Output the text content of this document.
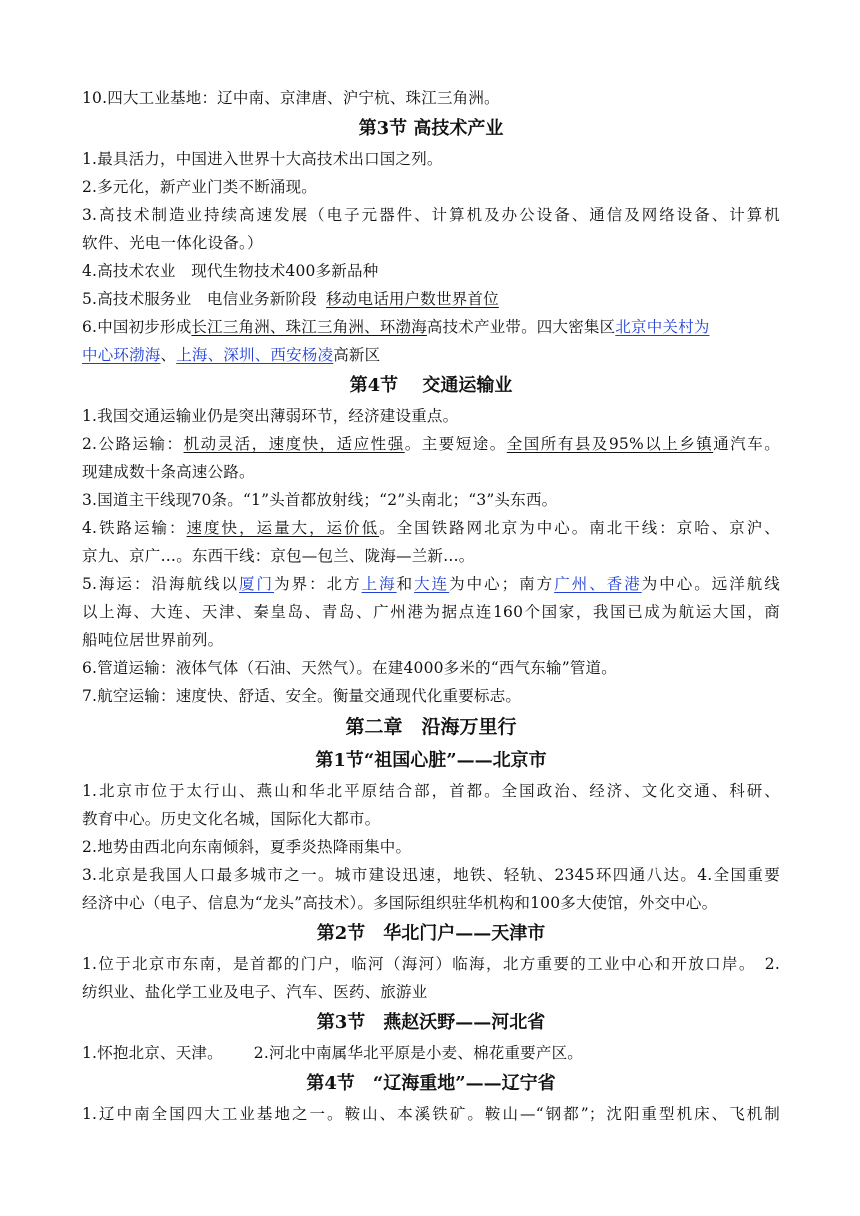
10.四大工业基地：辽中南、京津唐、沪宁杭、珠江三角洲。

第3节 高技术产业

1.最具活力，中国进入世界十大高技术出口国之列。

2.多元化，新产业门类不断涌现。

3.高技术制造业持续高速发展（电子元器件、计算机及办公设备、通信及网络设备、计算机

软件、光电一体化设备。）

4.高技术农业 现代生物技术400多新品种

5.高技术服务业 电信业务新阶段 移动电话用户数世界首位

6.中国初步形成长江三角洲、珠江三角洲、环渤海高技术产业带。四大密集区北京中关村为
中心环渤海、上海、深圳、西安杨凌高新区

第4节　 交通运输业

1.我国交通运输业仍是突出薄弱环节，经济建设重点。

2.公路运输：机动灵活，速度快，适应性强。主要短途。全国所有县及95%以上乡镇通汽车。

现建成数十条高速公路。

3.国道主干线现70条。“1”头首都放射线；“2”头南北；“3”头东西。

4.铁路运输：速度快，运量大，运价低。全国铁路网北京为中心。南北干线：京哈、京沪、

京九、京广…。东西干线：京包—包兰、陇海—兰新…。

5.海运：沿海航线以厦门为界：北方上海和大连为中心；南方广州、香港为中心。远洋航线

以上海、大连、天津、秦皇岛、青岛、广州港为据点连160个国家，我国已成为航运大国，商

船吨位居世界前列。

6.管道运输：液体气体（石油、天然气）。在建4000多米的“西气东输”管道。

7.航空运输：速度快、舒适、安全。衡量交通现代化重要标志。

第二章　沿海万里行
第1节“祖国心脏”——北京市

1.北京市位于太行山、燕山和华北平原结合部，首都。全国政治、经济、文化交通、科研、

教育中心。历史文化名城，国际化大都市。

2.地势由西北向东南倾斜，夏季炎热降雨集中。

3.北京是我国人口最多城市之一。城市建设迅速，地铁、轻轨、2345环四通八达。4.全国重要

经济中心（电子、信息为“龙头”高技术）。多国际组织驻华机构和100多大使馆，外交中心。

第2节　华北门户——天津市

1.位于北京市东南，是首都的门户，临河（海河）临海，北方重要的工业中心和开放口岸。　2.

纺织业、盐化学工业及电子、汽车、医药、旅游业

第3节　燕赵沃野——河北省

1.怀抱北京、天津。 2.河北中南属华北平原是小麦、棉花重要产区。

第4节　“辽海重地”——辽宁省

1.辽中南全国四大工业基地之一。鞍山、本溪铁矿。鞍山—“钢都”；沈阳重型机床、飞机制
